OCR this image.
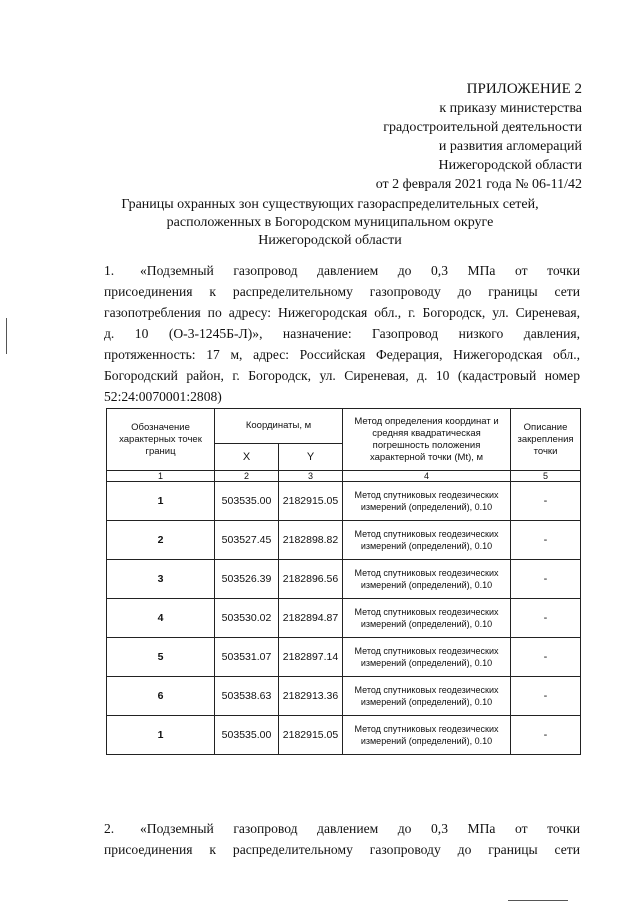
ПРИЛОЖЕНИЕ 2
к приказу министерства
градостроительной деятельности
и развития агломераций
Нижегородской области
от 2 февраля 2021 года № 06-11/42
Границы охранных зон существующих газораспределительных сетей,
расположенных в Богородском муниципальном округе
Нижегородской области
1. «Подземный газопровод давлением до 0,3 МПа от точки
присоединения к распределительному газопроводу до границы сети
газопотребления по адресу: Нижегородская обл., г. Богородск, ул. Сиреневая,
д. 10 (О-3-1245Б-Л)», назначение: Газопровод низкого давления,
протяженность: 17 м, адрес: Российская Федерация, Нижегородская обл.,
Богородский район, г. Богородск, ул. Сиреневая, д. 10 (кадастровый номер
52:24:0070001:2808)
Обозначение характерных точек границ	Координаты, м		Метод определения координат и средняя квадратическая погрешность положения характерной точки (Mt), м	Описание закрепления точки
	X	Y		
1	2	3	4	5
1	503535.00	2182915.05	Метод спутниковых геодезических измерений (определений), 0.10	-
2	503527.45	2182898.82	Метод спутниковых геодезических измерений (определений), 0.10	-
3	503526.39	2182896.56	Метод спутниковых геодезических измерений (определений), 0.10	-
4	503530.02	2182894.87	Метод спутниковых геодезических измерений (определений), 0.10	-
5	503531.07	2182897.14	Метод спутниковых геодезических измерений (определений), 0.10	-
6	503538.63	2182913.36	Метод спутниковых геодезических измерений (определений), 0.10	-
1	503535.00	2182915.05	Метод спутниковых геодезических измерений (определений), 0.10	-
2. «Подземный газопровод давлением до 0,3 МПа от точки
присоединения к распределительному газопроводу до границы сети
